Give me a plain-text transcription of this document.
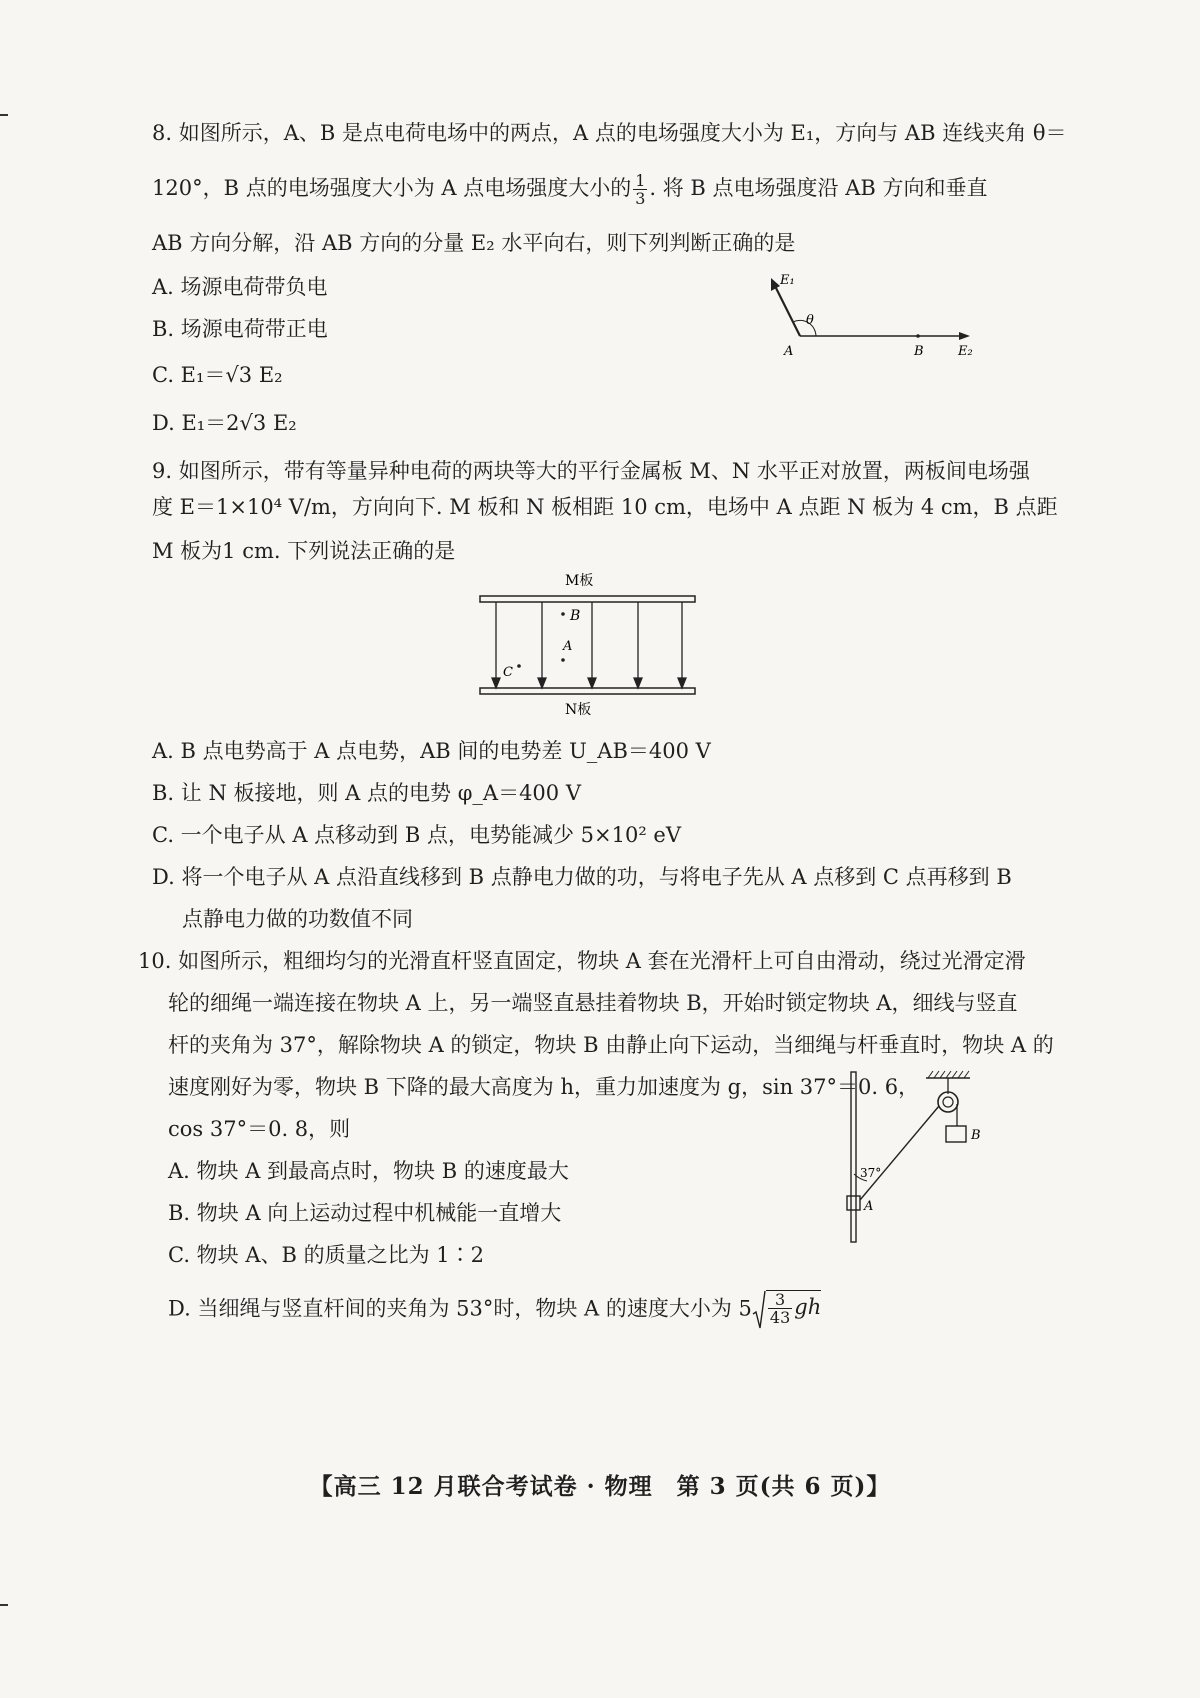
8. 如图所示，A、B 是点电荷电场中的两点，A 点的电场强度大小为 E₁，方向与 AB 连线夹角 θ＝
120°，B 点的电场强度大小为 A 点电场强度大小的 $\frac{1}{3}$ . 将 B 点电场强度沿 AB 方向和垂直
AB 方向分解，沿 AB 方向的分量 E₂ 水平向右，则下列判断正确的是
A. 场源电荷带负电
B. 场源电荷带正电
C. E₁＝√3 E₂
D. E₁＝2√3 E₂
E₁
θ
A	B	E₂
9. 如图所示，带有等量异种电荷的两块等大的平行金属板 M、N 水平正对放置，两板间电场强
度 E＝1×10⁴ V/m，方向向下. M 板和 N 板相距 10 cm，电场中 A 点距 N 板为 4 cm，B 点距
M 板为1 cm. 下列说法正确的是
M板
N板
B
A
C
A. B 点电势高于 A 点电势，AB 间的电势差 U_AB＝400 V
B. 让 N 板接地，则 A 点的电势 φ_A＝400 V
C. 一个电子从 A 点移动到 B 点，电势能减少 5×10² eV
D. 将一个电子从 A 点沿直线移到 B 点静电力做的功，与将电子先从 A 点移到 C 点再移到 B
点静电力做的功数值不同
10. 如图所示，粗细均匀的光滑直杆竖直固定，物块 A 套在光滑杆上可自由滑动，绕过光滑定滑
轮的细绳一端连接在物块 A 上，另一端竖直悬挂着物块 B，开始时锁定物块 A，细线与竖直
杆的夹角为 37°，解除物块 A 的锁定，物块 B 由静止向下运动，当细绳与杆垂直时，物块 A 的
速度刚好为零，物块 B 下降的最大高度为 h，重力加速度为 g，sin 37°＝0. 6，
cos 37°＝0. 8，则
A. 物块 A 到最高点时，物块 B 的速度最大
B. 物块 A 向上运动过程中机械能一直增大
C. 物块 A、B 的质量之比为 1∶2
D. 当细绳与竖直杆间的夹角为 53°时，物块 A 的速度大小为 $5 \frac{3}{43}$ gh
B
37°
A
【高三 12 月联合考试卷 · 物理　第 3 页(共 6 页)】
